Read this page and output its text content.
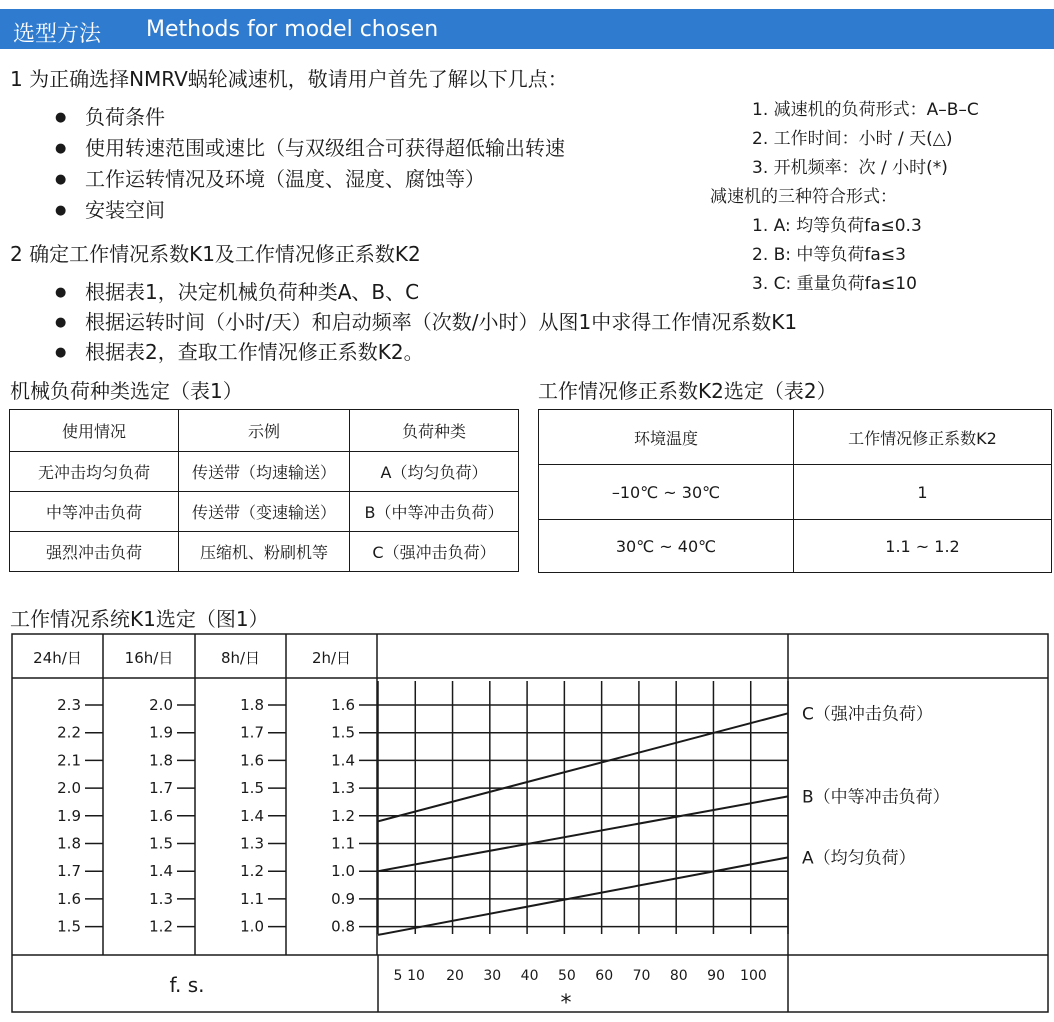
选型方法 Methods for model chosen
1 为正确选择NMRV蜗轮减速机，敬请用户首先了解以下几点：
● 负荷条件
● 使用转速范围或速比（与双级组合可获得超低输出转速
● 工作运转情况及环境（温度、湿度、腐蚀等）
● 安装空间
1. 减速机的负荷形式：A–B–C
2. 工作时间：小时 / 天(△)
3. 开机频率：次 / 小时(*)
减速机的三种符合形式：
1. A: 均等负荷fa≤0.3
2. B: 中等负荷fa≤3
3. C: 重量负荷fa≤10
2 确定工作情况系数K1及工作情况修正系数K2
● 根据表1，决定机械负荷种类A、B、C
● 根据运转时间（小时/天）和启动频率（次数/小时）从图1中求得工作情况系数K1
● 根据表2，查取工作情况修正系数K2。
机械负荷种类选定（表1）	工作情况修正系数K2选定（表2）
使用情况	示例	负荷种类
无冲击均匀负荷	传送带（均速输送）	A（均匀负荷）
中等冲击负荷	传送带（变速输送）	B（中等冲击负荷）
强烈冲击负荷	压缩机、粉刷机等	C（强冲击负荷）
环境温度	工作情况修正系数K2
–10℃ ~ 30℃	1
30℃ ~ 40℃	1.1 ~ 1.2
工作情况系统K1选定（图1）
24h/日
2.3
2.2
2.1
2.0
1.9
1.8
1.7
1.6
1.5
16h/日
2.0
1.9
1.8
1.7
1.6
1.5
1.4
1.3
1.2
8h/日
1.8
1.7
1.6
1.5
1.4
1.3
1.2
1.1
1.0
2h/日
1.6
1.5
1.4
1.3
1.2
1.1
1.0
0.9
0.8
C（强冲击负荷）
B（中等冲击负荷）
A（均匀负荷）
f. s.	5 10 20 30 40 50 60 70 80 90 100
*
